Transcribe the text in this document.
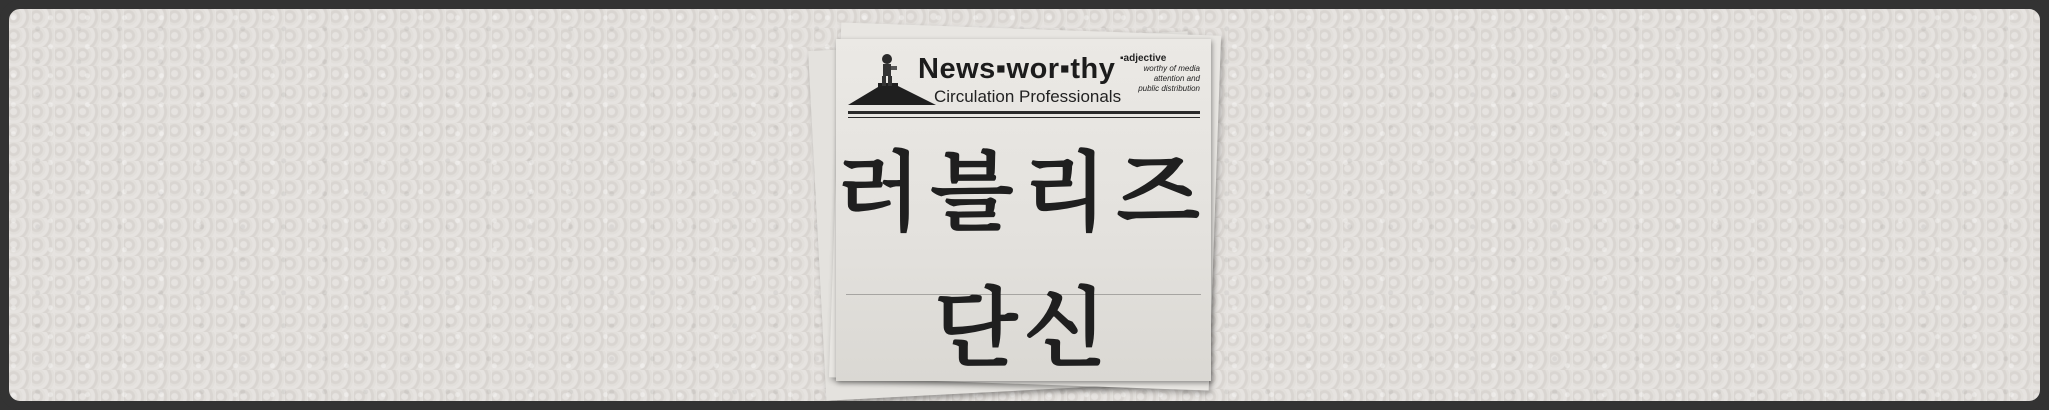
News▪wor▪thy
Circulation Professionals
▪adjective
worthy of media
attention and
public distribution
러블리즈
단신
